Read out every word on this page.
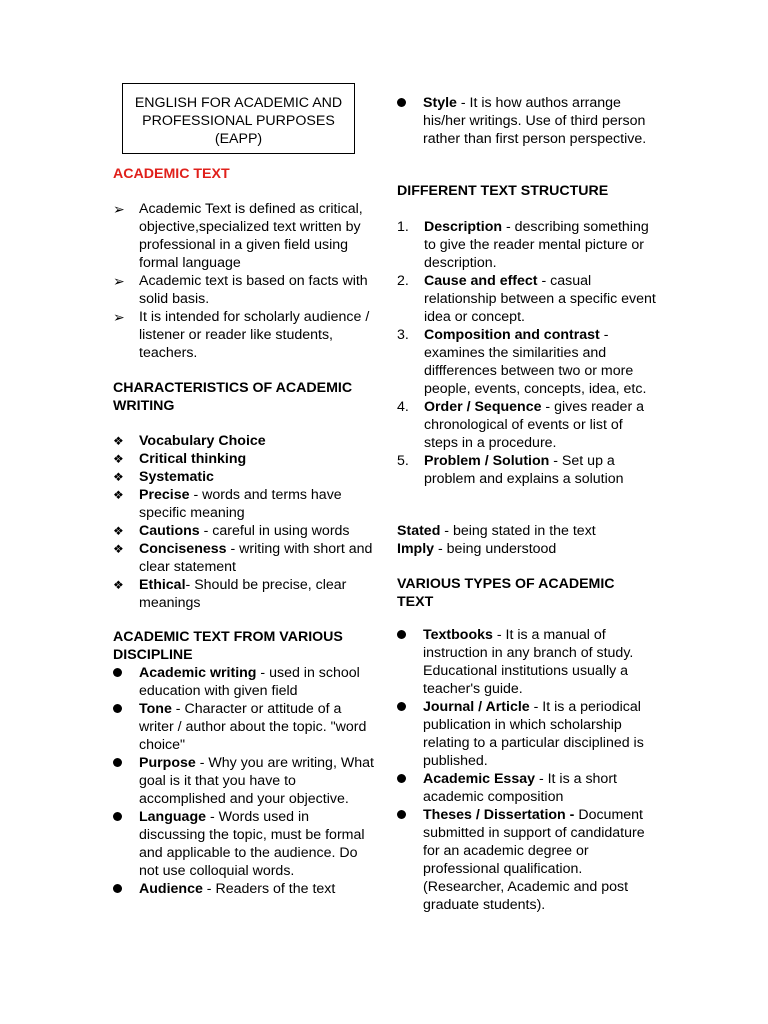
ENGLISH FOR ACADEMIC AND
PROFESSIONAL PURPOSES
(EAPP)
ACADEMIC TEXT
➢	Academic Text is defined as critical, objective,specialized text written by professional in a given field using formal language
➢	Academic text is based on facts with solid basis.
➢	It is intended for scholarly audience / listener or reader like students, teachers.
CHARACTERISTICS OF ACADEMIC
WRITING
❖	Vocabulary Choice
❖	Critical thinking
❖	Systematic
❖	Precise - words and terms have specific meaning
❖	Cautions - careful in using words
❖	Conciseness - writing with short and clear statement
❖	Ethical- Should be precise, clear meanings
ACADEMIC TEXT FROM VARIOUS
DISCIPLINE
Academic writing - used in school education with given field
Tone - Character or attitude of a writer / author about the topic. "word choice"
Purpose - Why you are writing, What goal is it that you have to accomplished and your objective.
Language - Words used in discussing the topic, must be formal and applicable to the audience. Do not use colloquial words.
Audience - Readers of the text
Style - It is how authos arrange his/her writings. Use of third person rather than first person perspective.
DIFFERENT TEXT STRUCTURE
1. Description - describing something to give the reader mental picture or description.
2. Cause and effect - casual relationship between a specific event idea or concept.
3. Composition and contrast - examines the similarities and diffferences between two or more people, events, concepts, idea, etc.
4. Order / Sequence - gives reader a chronological of events or list of steps in a procedure.
5. Problem / Solution - Set up a problem and explains a solution
Stated - being stated in the text
Imply - being understood
VARIOUS TYPES OF ACADEMIC
TEXT
Textbooks - It is a manual of instruction in any branch of study. Educational institutions usually a teacher's guide.
Journal / Article - It is a periodical publication in which scholarship relating to a particular disciplined is published.
Academic Essay - It is a short academic composition
Theses / Dissertation - Document submitted in support of candidature for an academic degree or professional qualification. (Researcher, Academic and post graduate students).
